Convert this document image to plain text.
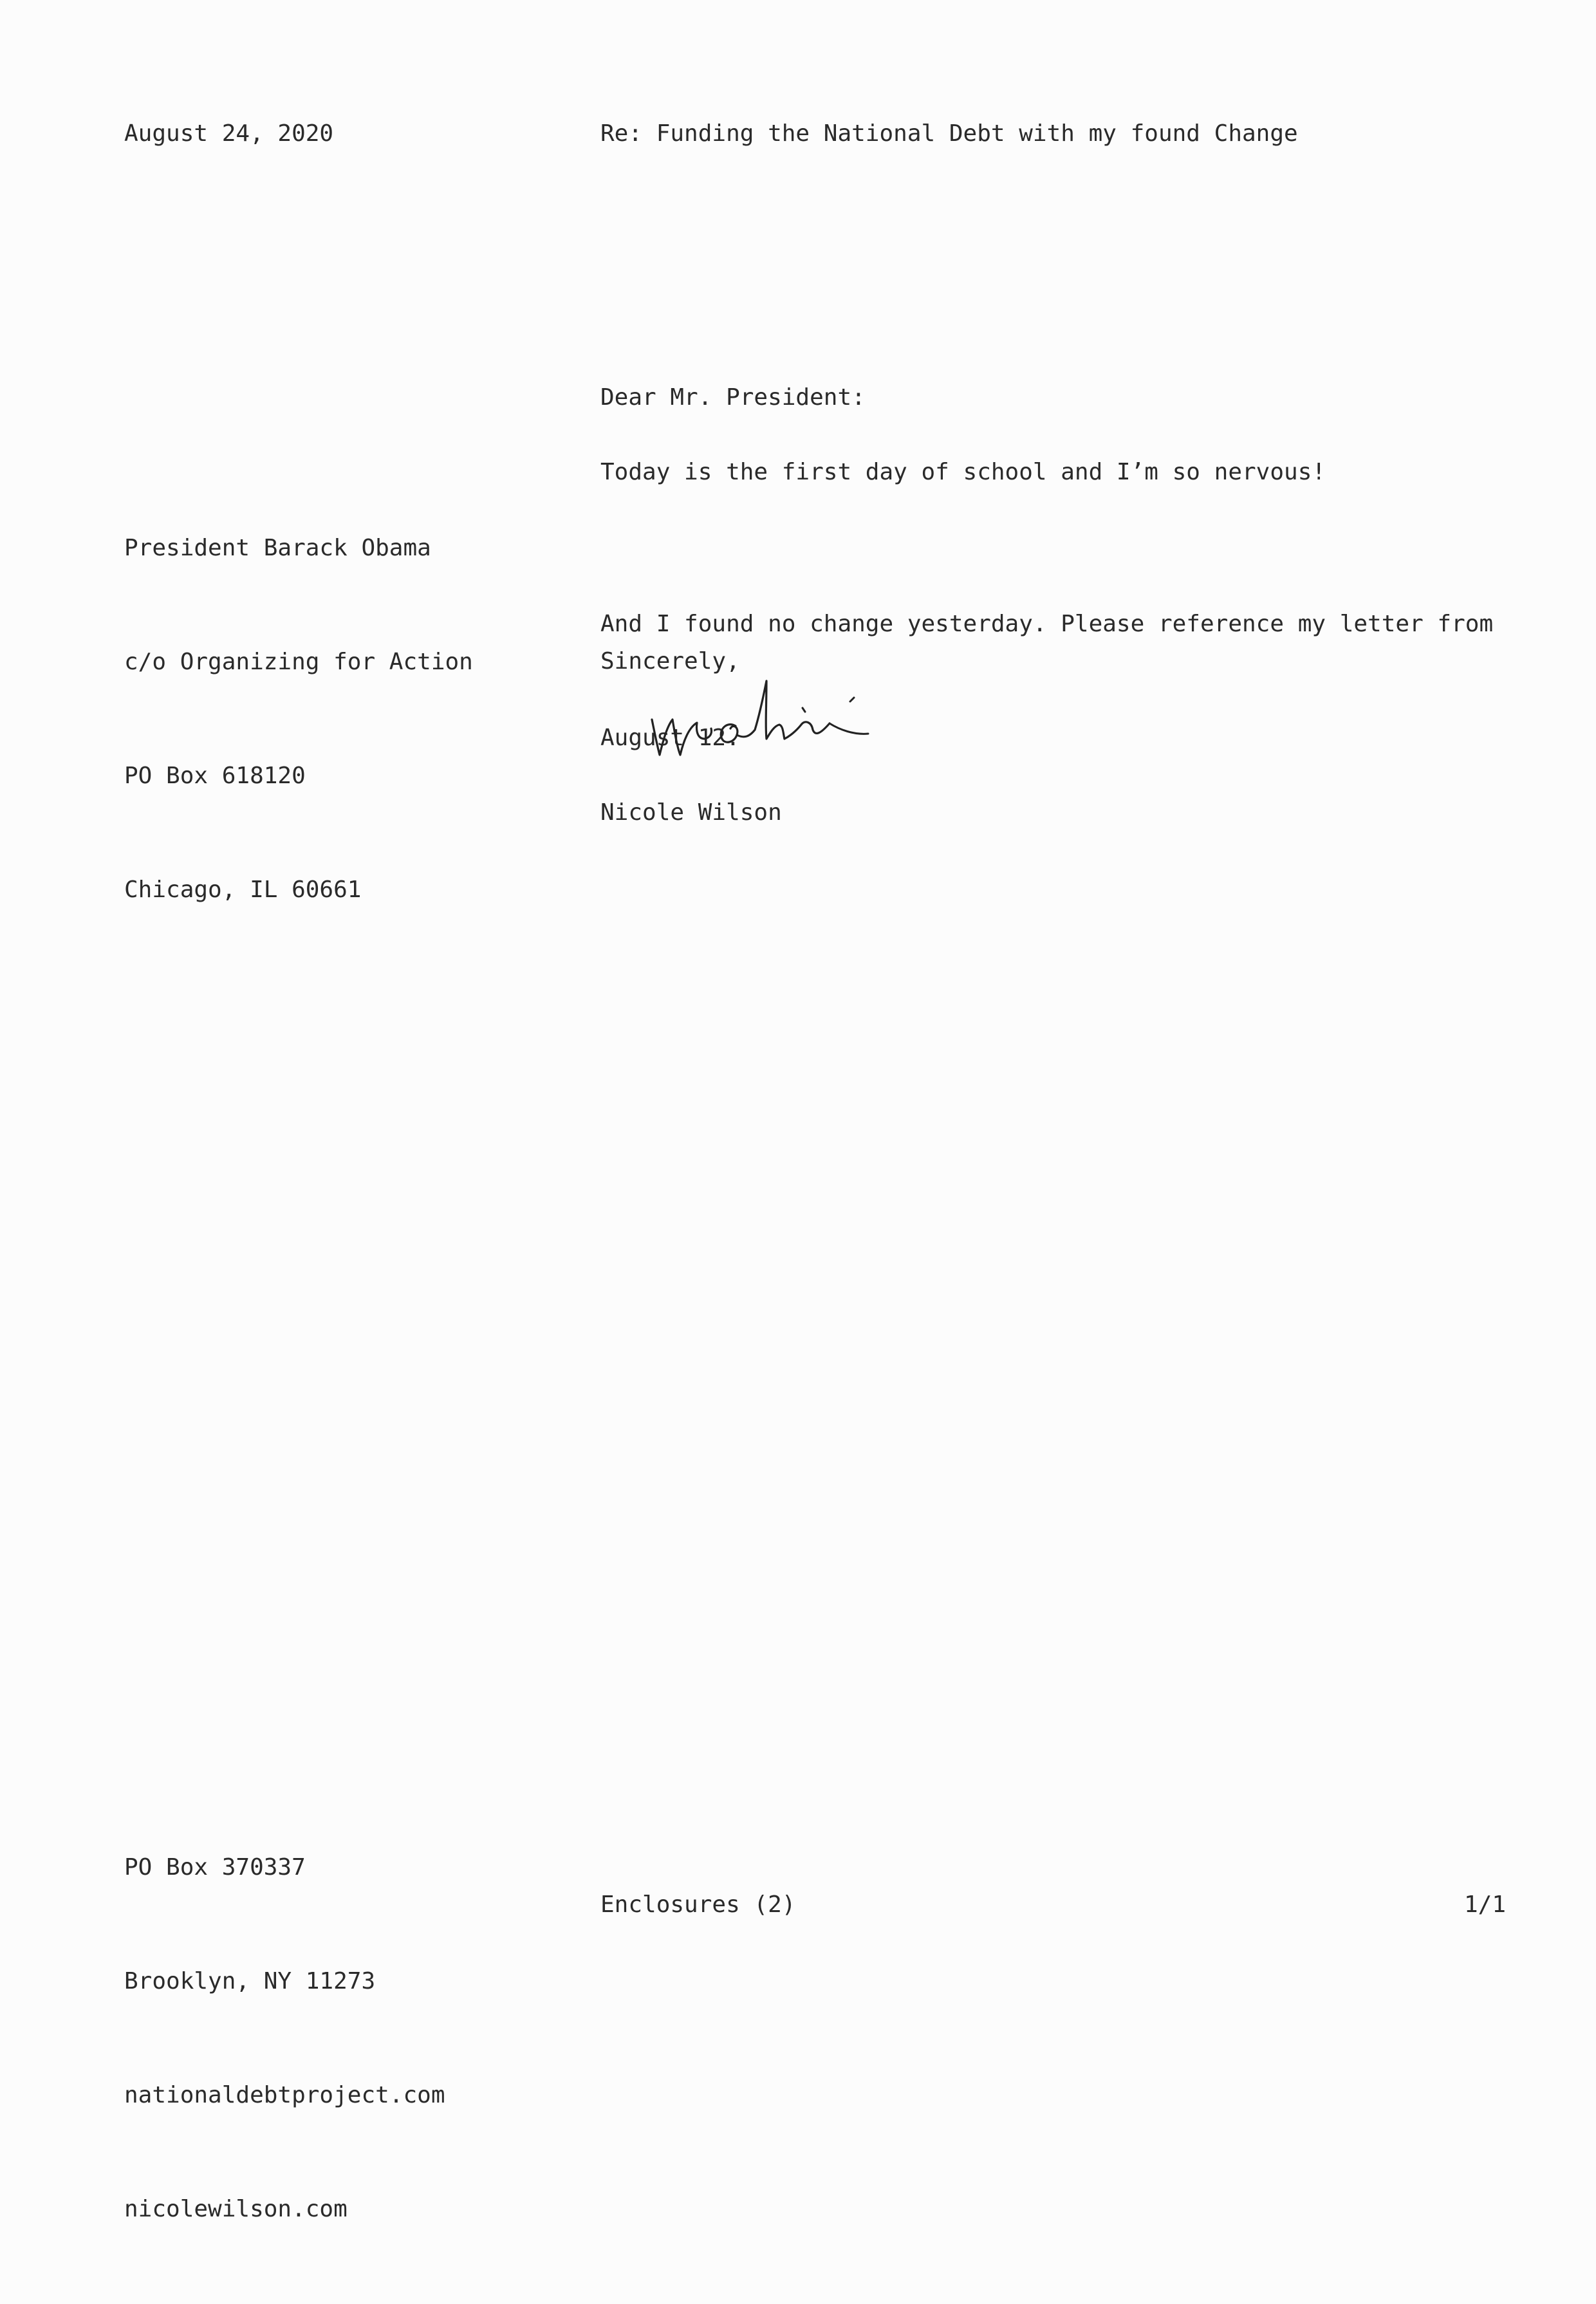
August 24, 2020	Re: Funding the National Debt with my found Change
Dear Mr. President:

President Barack Obama

c/o Organizing for Action

PO Box 618120

Chicago, IL 60661

Today is the first day of school and I’m so nervous!

And I found no change yesterday. Please reference my letter from

August 12.

Sincerely,
Nicole Wilson

PO Box 370337

Brooklyn, NY 11273

nationaldebtproject.com

nicolewilson.com

Enclosures (2)	1/1
